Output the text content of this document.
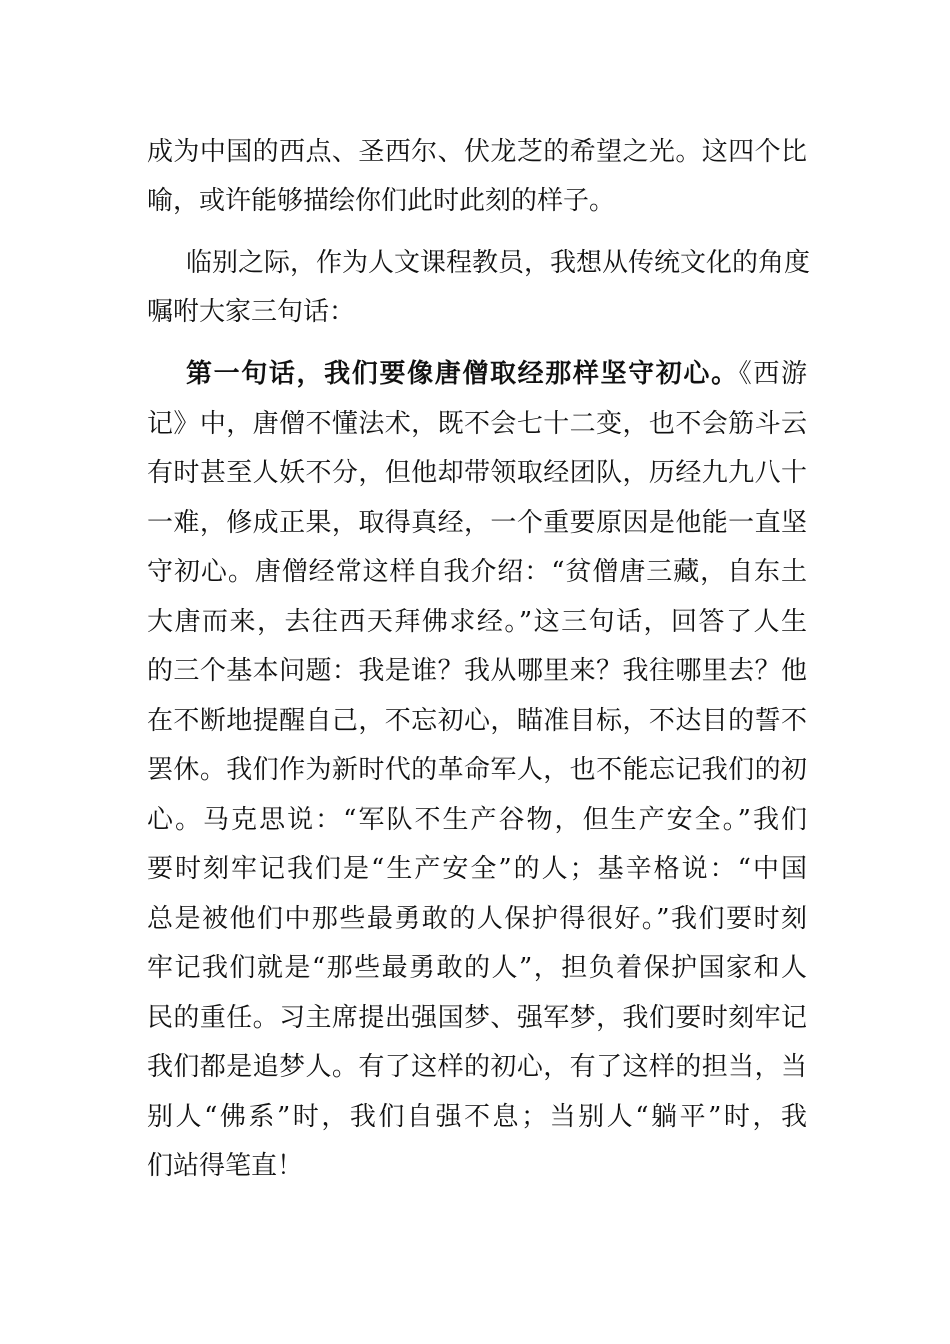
成为中国的西点、圣西尔、伏龙芝的希望之光。这四个比
喻，或许能够描绘你们此时此刻的样子。
临别之际，作为人文课程教员，我想从传统文化的角度
嘱咐大家三句话：
第一句话，我们要像唐僧取经那样坚守初心。《西游
记》中，唐僧不懂法术，既不会七十二变，也不会筋斗云
有时甚至人妖不分，但他却带领取经团队，历经九九八十
一难，修成正果，取得真经，一个重要原因是他能一直坚
守初心。唐僧经常这样自我介绍：“贫僧唐三藏，自东土
大唐而来，去往西天拜佛求经。”这三句话，回答了人生
的三个基本问题：我是谁？我从哪里来？我往哪里去？他
在不断地提醒自己，不忘初心，瞄准目标，不达目的誓不
罢休。我们作为新时代的革命军人，也不能忘记我们的初
心。马克思说：“军队不生产谷物，但生产安全。”我们
要时刻牢记我们是“生产安全”的人；基辛格说：“中国
总是被他们中那些最勇敢的人保护得很好。”我们要时刻
牢记我们就是“那些最勇敢的人”，担负着保护国家和人
民的重任。习主席提出强国梦、强军梦，我们要时刻牢记
我们都是追梦人。有了这样的初心，有了这样的担当，当
别人“佛系”时，我们自强不息；当别人“躺平”时，我
们站得笔直！
